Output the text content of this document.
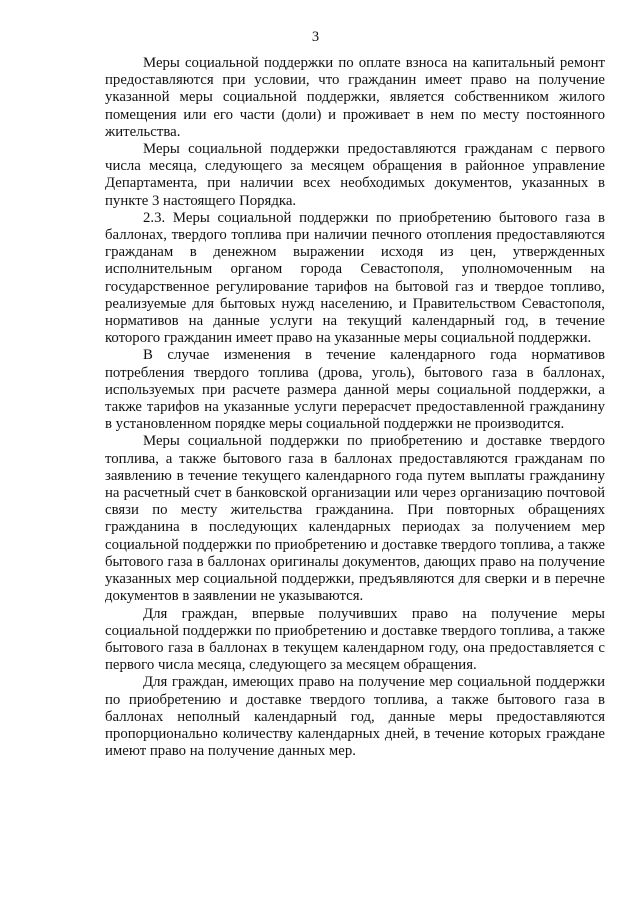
3

Меры социальной поддержки по оплате взноса на капитальный ремонт предоставляются при условии, что гражданин имеет право на получение указанной меры социальной поддержки, является собственником жилого помещения или его части (доли) и проживает в нем по месту постоянного жительства.

Меры социальной поддержки предоставляются гражданам с первого числа месяца, следующего за месяцем обращения в районное управление Департамента, при наличии всех необходимых документов, указанных в пункте 3 настоящего Порядка.

2.3. Меры социальной поддержки по приобретению бытового газа в баллонах, твердого топлива при наличии печного отопления предоставляются гражданам в денежном выражении исходя из цен, утвержденных исполнительным органом города Севастополя, уполномоченным на государственное регулирование тарифов на бытовой газ и твердое топливо, реализуемые для бытовых нужд населению, и Правительством Севастополя, нормативов на данные услуги на текущий календарный год, в течение которого гражданин имеет право на указанные меры социальной поддержки.

В случае изменения в течение календарного года нормативов потребления твердого топлива (дрова, уголь), бытового газа в баллонах, используемых при расчете размера данной меры социальной поддержки, а также тарифов на указанные услуги перерасчет предоставленной гражданину в установленном порядке меры социальной поддержки не производится.

Меры социальной поддержки по приобретению и доставке твердого топлива, а также бытового газа в баллонах предоставляются гражданам по заявлению в течение текущего календарного года путем выплаты гражданину на расчетный счет в банковской организации или через организацию почтовой связи по месту жительства гражданина. При повторных обращениях гражданина в последующих календарных периодах за получением мер социальной поддержки по приобретению и доставке твердого топлива, а также бытового газа в баллонах оригиналы документов, дающих право на получение указанных мер социальной поддержки, предъявляются для сверки и в перечне документов в заявлении не указываются.

Для граждан, впервые получивших право на получение меры социальной поддержки по приобретению и доставке твердого топлива, а также бытового газа в баллонах в текущем календарном году, она предоставляется с первого числа месяца, следующего за месяцем обращения.

Для граждан, имеющих право на получение мер социальной поддержки по приобретению и доставке твердого топлива, а также бытового газа в баллонах неполный календарный год, данные меры предоставляются пропорционально количеству календарных дней, в течение которых граждане имеют право на получение данных мер.
